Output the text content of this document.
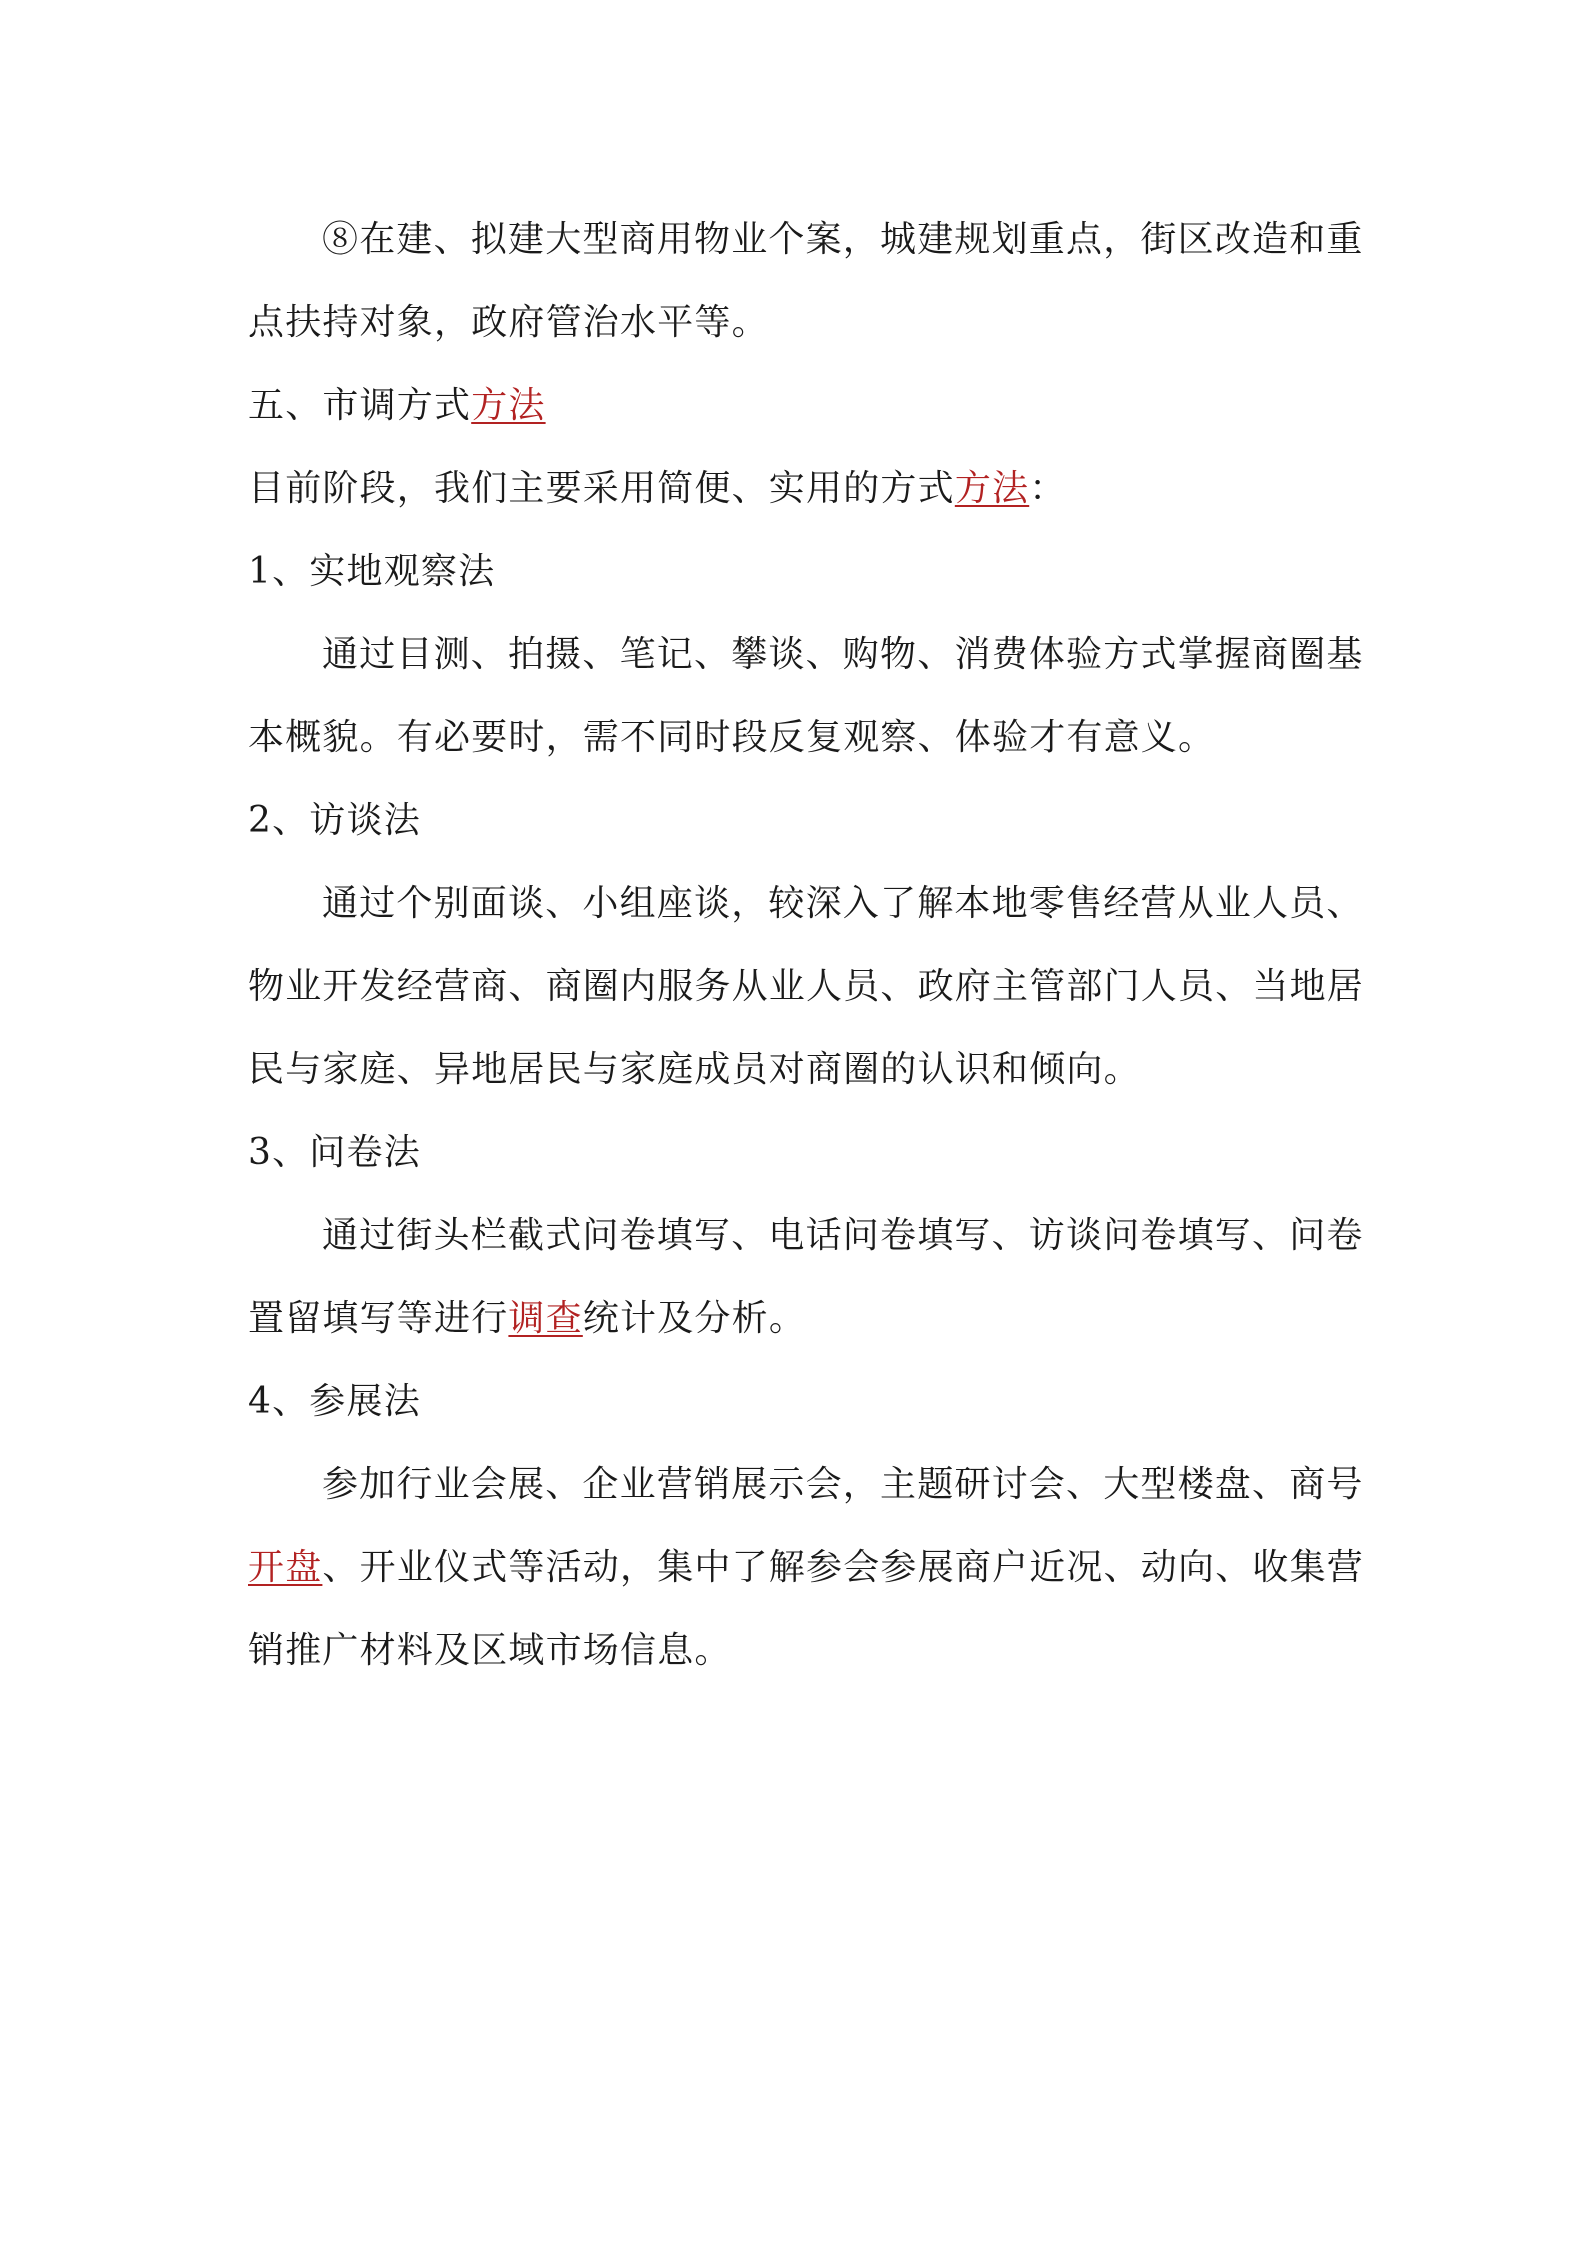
⑧在建、拟建大型商用物业个案，城建规划重点，街区改造和重

点扶持对象，政府管治水平等。

五、市调方式方法

目前阶段，我们主要采用简便、实用的方式方法：

1、实地观察法

通过目测、拍摄、笔记、攀谈、购物、消费体验方式掌握商圈基

本概貌。有必要时，需不同时段反复观察、体验才有意义。

2、访谈法

通过个别面谈、小组座谈，较深入了解本地零售经营从业人员、

物业开发经营商、商圈内服务从业人员、政府主管部门人员、当地居

民与家庭、异地居民与家庭成员对商圈的认识和倾向。

3、问卷法

通过街头栏截式问卷填写、电话问卷填写、访谈问卷填写、问卷

置留填写等进行调查统计及分析。

4、参展法

参加行业会展、企业营销展示会，主题研讨会、大型楼盘、商号

开盘、开业仪式等活动，集中了解参会参展商户近况、动向、收集营

销推广材料及区域市场信息。
